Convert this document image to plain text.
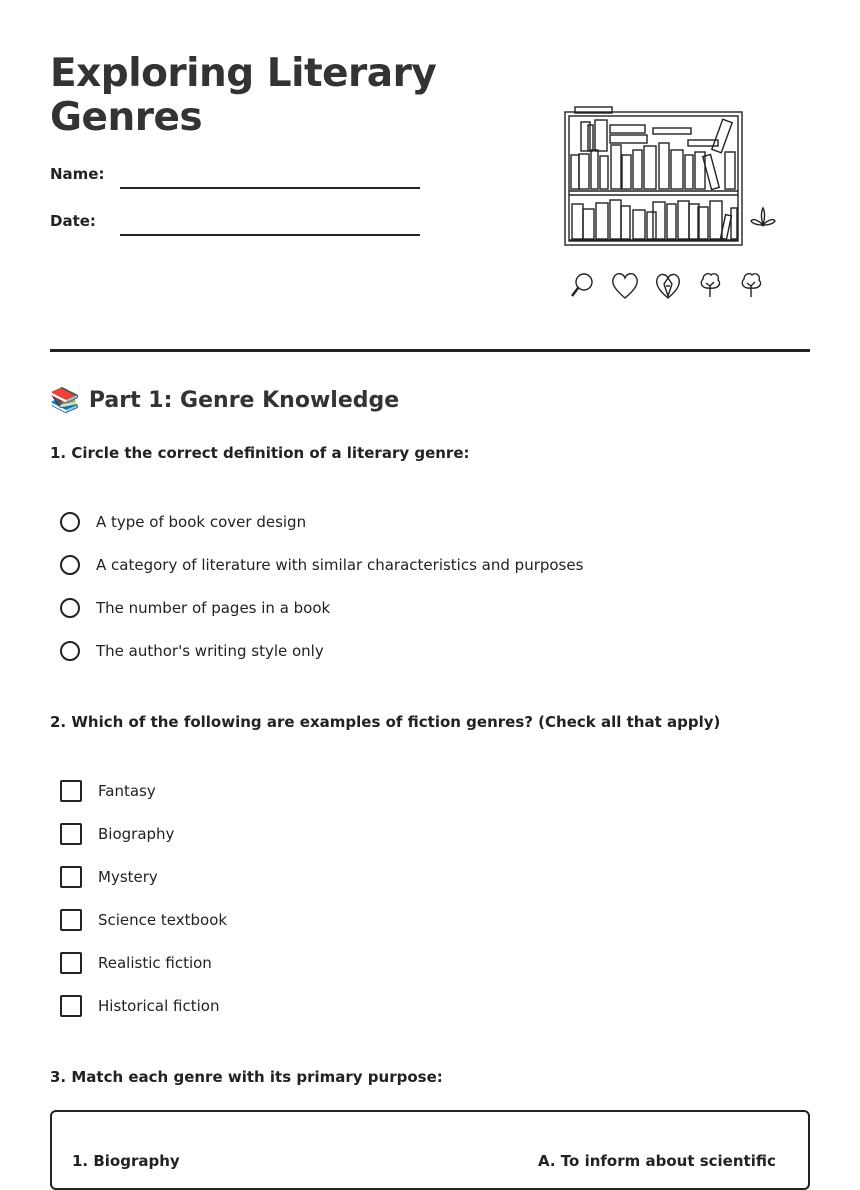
Exploring Literary Genres
Name:
Date:
📚 Part 1: Genre Knowledge
1. Circle the correct definition of a literary genre:
A type of book cover design
A category of literature with similar characteristics and purposes
The number of pages in a book
The author's writing style only
2. Which of the following are examples of fiction genres? (Check all that apply)
Fantasy
Biography
Mystery
Science textbook
Realistic fiction
Historical fiction
3. Match each genre with its primary purpose:
1. Biography	A. To inform about scientific
